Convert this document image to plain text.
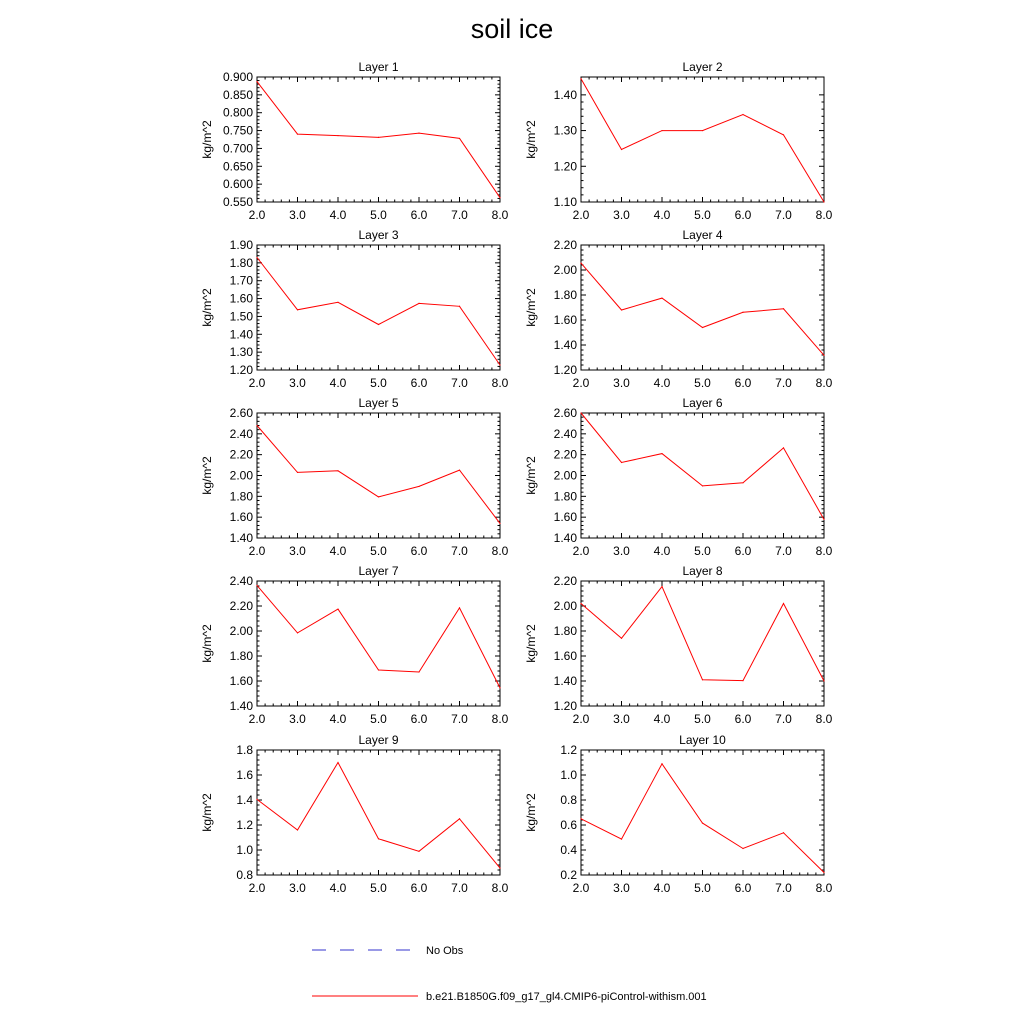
soil ice
Layer 1
2.0 3.0 4.0 5.0 6.0 7.0 8.0
0.550
0.600
0.650
0.700
0.750
0.800
0.850
0.900
kg/m^2
Layer 2
2.0 3.0 4.0 5.0 6.0 7.0 8.0
1.10
1.20
1.30
1.40
kg/m^2
Layer 3
2.0 3.0 4.0 5.0 6.0 7.0 8.0
1.20
1.30
1.40
1.50
1.60
1.70
1.80
1.90
kg/m^2
Layer 4
2.0 3.0 4.0 5.0 6.0 7.0 8.0
1.20
1.40
1.60
1.80
2.00
2.20
kg/m^2
Layer 5
2.0 3.0 4.0 5.0 6.0 7.0 8.0
1.40
1.60
1.80
2.00
2.20
2.40
2.60
kg/m^2
Layer 6
2.0 3.0 4.0 5.0 6.0 7.0 8.0
1.40
1.60
1.80
2.00
2.20
2.40
2.60
kg/m^2
Layer 7
2.0 3.0 4.0 5.0 6.0 7.0 8.0
1.40
1.60
1.80
2.00
2.20
2.40
kg/m^2
Layer 8
2.0 3.0 4.0 5.0 6.0 7.0 8.0
1.20
1.40
1.60
1.80
2.00
2.20
kg/m^2
Layer 9
2.0 3.0 4.0 5.0 6.0 7.0 8.0
0.8
1.0
1.2
1.4
1.6
1.8
kg/m^2
Layer 10
2.0 3.0 4.0 5.0 6.0 7.0 8.0
0.2
0.4
0.6
0.8
1.0
1.2
kg/m^2
No Obs
b.e21.B1850G.f09_g17_gl4.CMIP6-piControl-withism.001
